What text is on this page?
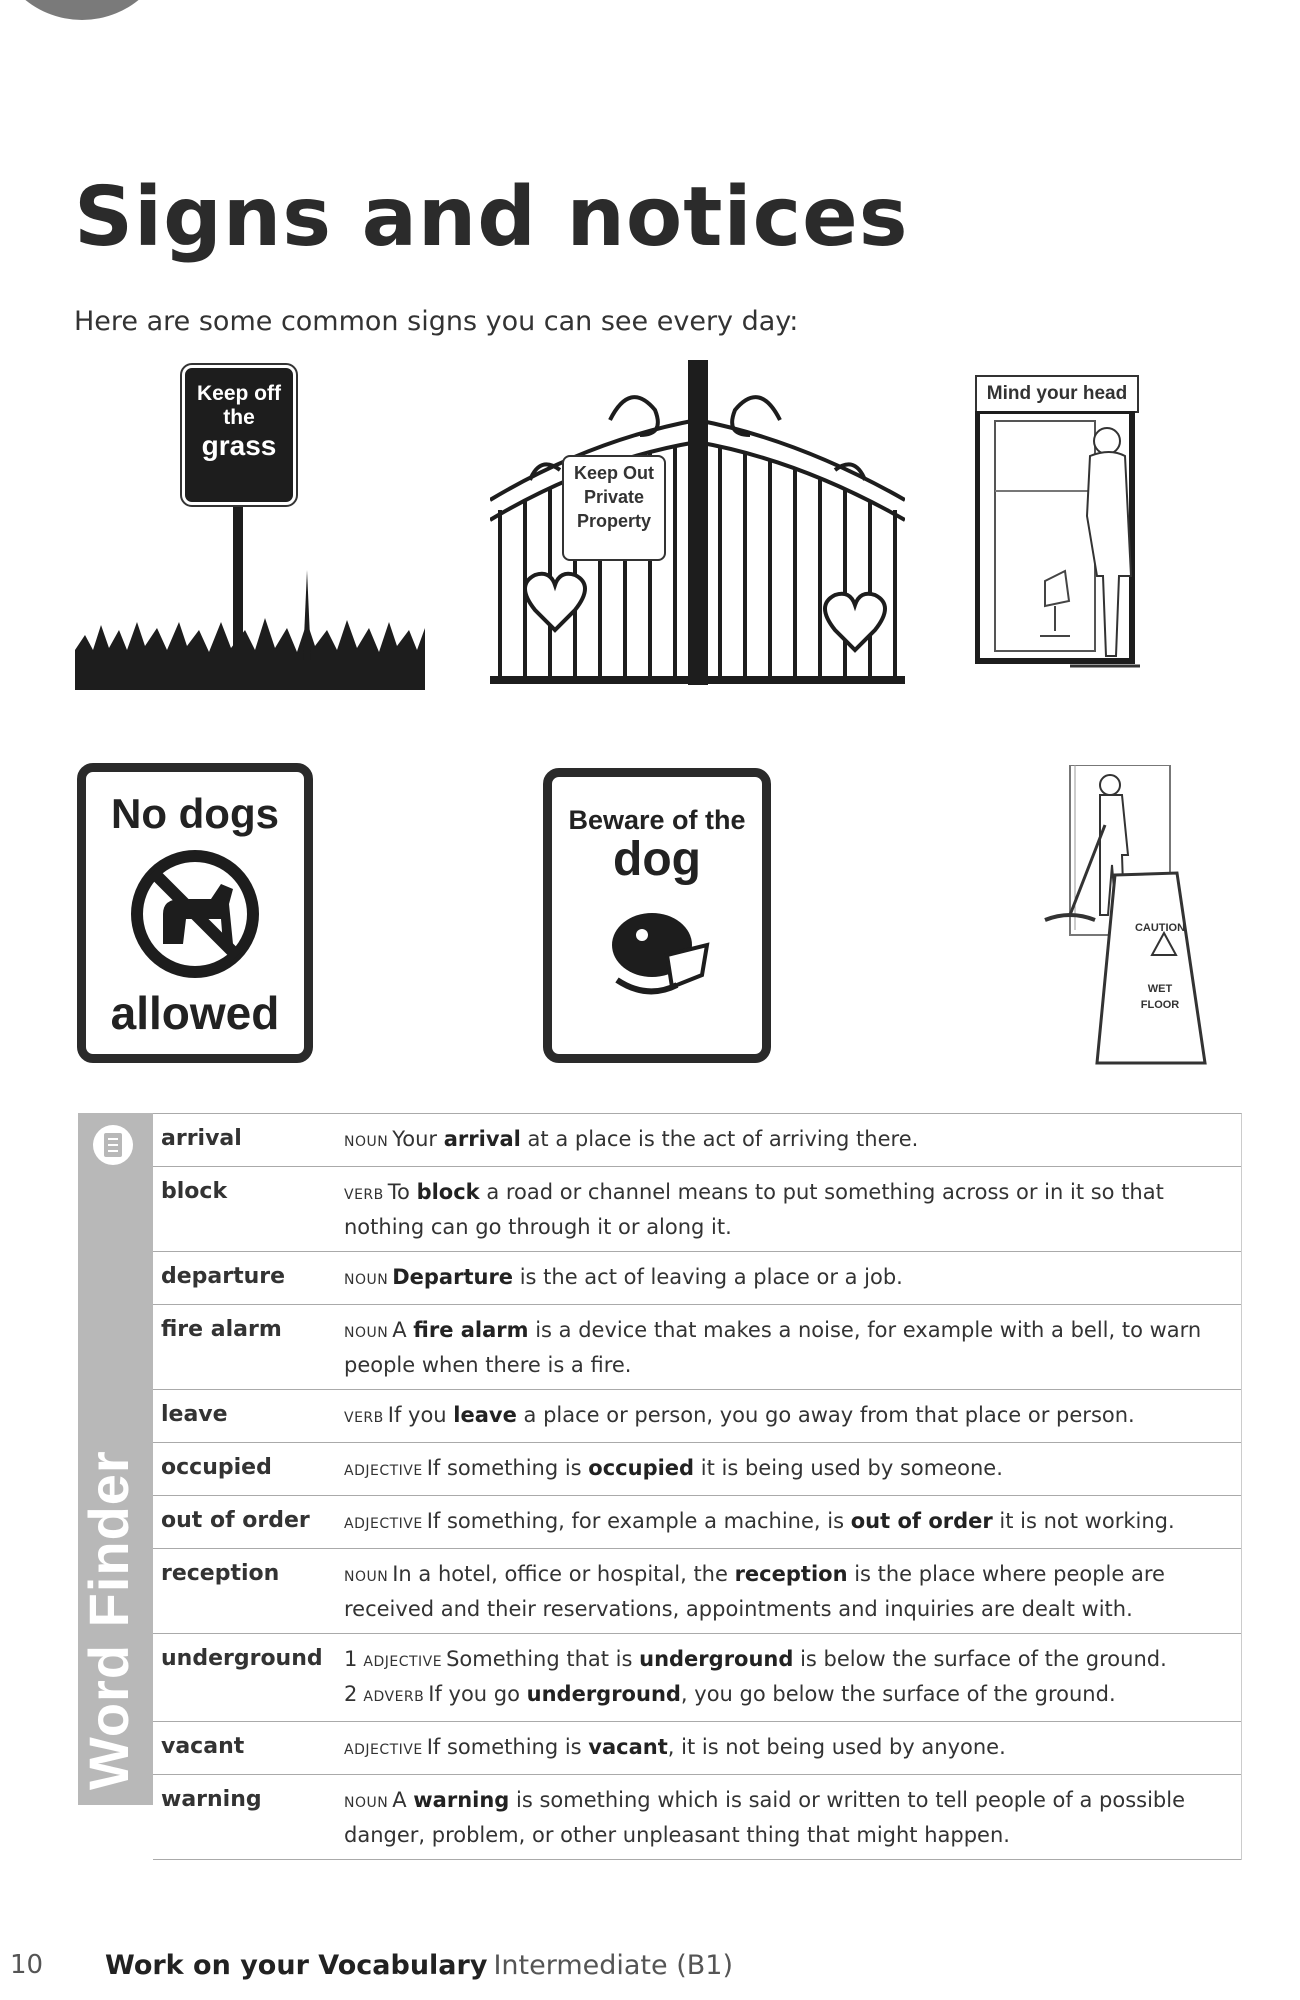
1
Signs and notices
Here are some common signs you can see every day:
Keep off
the
grass
Keep Out
Private
Property
Mind your head
No dogs
allowed
Beware of the
dog
CAUTION
WET
FLOOR
Word Finder
arrival	NOUN Your arrival at a place is the act of arriving there.
block	VERB To block a road or channel means to put something across or in it so that nothing can go through it or along it.
departure	NOUN Departure is the act of leaving a place or a job.
fire alarm	NOUN A fire alarm is a device that makes a noise, for example with a bell, to warn people when there is a fire.
leave	VERB If you leave a place or person, you go away from that place or person.
occupied	ADJECTIVE If something is occupied it is being used by someone.
out of order	ADJECTIVE If something, for example a machine, is out of order it is not working.
reception	NOUN In a hotel, office or hospital, the reception is the place where people are received and their reservations, appointments and inquiries are dealt with.
underground	1 ADJECTIVE Something that is underground is below the surface of the ground.
2 ADVERB If you go underground, you go below the surface of the ground.
vacant	ADJECTIVE If something is vacant, it is not being used by anyone.
warning	NOUN A warning is something which is said or written to tell people of a possible danger, problem, or other unpleasant thing that might happen.
10 Work on your Vocabulary Intermediate (B1)
